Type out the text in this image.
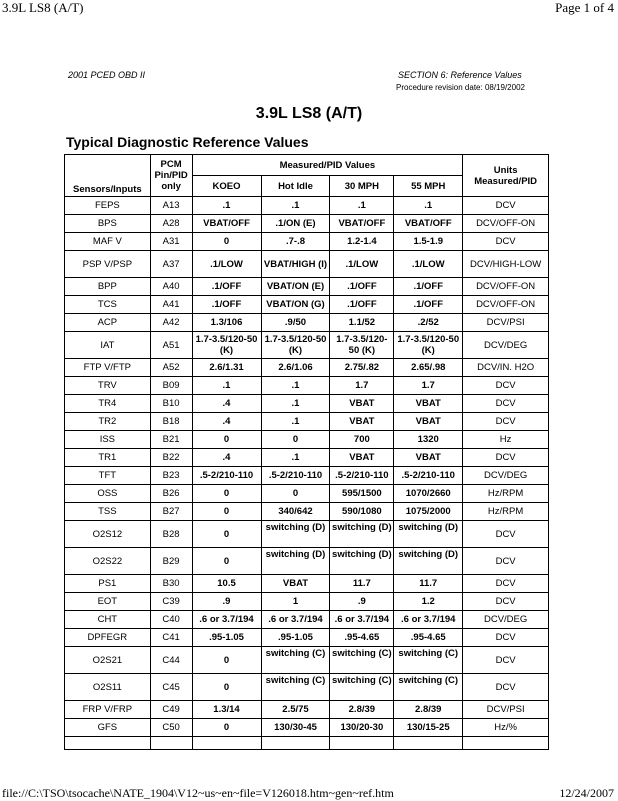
3.9L LS8 (A/T)	Page 1 of 4
2001 PCED OBD II	SECTION 6: Reference Values
Procedure revision date: 08/19/2002
3.9L LS8 (A/T)
Typical Diagnostic Reference Values
Sensors/Inputs	PCM Pin/PID only	Measured/PID Values				Units Measured/PID
		KOEO	Hot Idle	30 MPH	55 MPH	
FEPS	A13	.1	.1	.1	.1	DCV
BPS	A28	VBAT/OFF	.1/ON (E)	VBAT/OFF	VBAT/OFF	DCV/OFF-ON
MAF V	A31	0	.7-.8	1.2-1.4	1.5-1.9	DCV
PSP V/PSP	A37	.1/LOW	VBAT/HIGH (I)	.1/LOW	.1/LOW	DCV/HIGH-LOW
BPP	A40	.1/OFF	VBAT/ON (E)	.1/OFF	.1/OFF	DCV/OFF-ON
TCS	A41	.1/OFF	VBAT/ON (G)	.1/OFF	.1/OFF	DCV/OFF-ON
ACP	A42	1.3/106	.9/50	1.1/52	.2/52	DCV/PSI
IAT	A51	1.7-3.5/120-50 (K)	1.7-3.5/120-50 (K)	1.7-3.5/120-50 (K)	1.7-3.5/120-50 (K)	DCV/DEG
FTP V/FTP	A52	2.6/1.31	2.6/1.06	2.75/.82	2.65/.98	DCV/IN. H2O
TRV	B09	.1	.1	1.7	1.7	DCV
TR4	B10	.4	.1	VBAT	VBAT	DCV
TR2	B18	.4	.1	VBAT	VBAT	DCV
ISS	B21	0	0	700	1320	Hz
TR1	B22	.4	.1	VBAT	VBAT	DCV
TFT	B23	.5-2/210-110	.5-2/210-110	.5-2/210-110	.5-2/210-110	DCV/DEG
OSS	B26	0	0	595/1500	1070/2660	Hz/RPM
TSS	B27	0	340/642	590/1080	1075/2000	Hz/RPM
O2S12	B28	0	switching (D)	switching (D)	switching (D)	DCV
O2S22	B29	0	switching (D)	switching (D)	switching (D)	DCV
PS1	B30	10.5	VBAT	11.7	11.7	DCV
EOT	C39	.9	1	.9	1.2	DCV
CHT	C40	.6 or 3.7/194	.6 or 3.7/194	.6 or 3.7/194	.6 or 3.7/194	DCV/DEG
DPFEGR	C41	.95-1.05	.95-1.05	.95-4.65	.95-4.65	DCV
O2S21	C44	0	switching (C)	switching (C)	switching (C)	DCV
O2S11	C45	0	switching (C)	switching (C)	switching (C)	DCV
FRP V/FRP	C49	1.3/14	2.5/75	2.8/39	2.8/39	DCV/PSI
GFS	C50	0	130/30-45	130/20-30	130/15-25	Hz/%

file://C:\TSO\tsocache\NATE_1904\V12~us~en~file=V126018.htm~gen~ref.htm	12/24/2007
